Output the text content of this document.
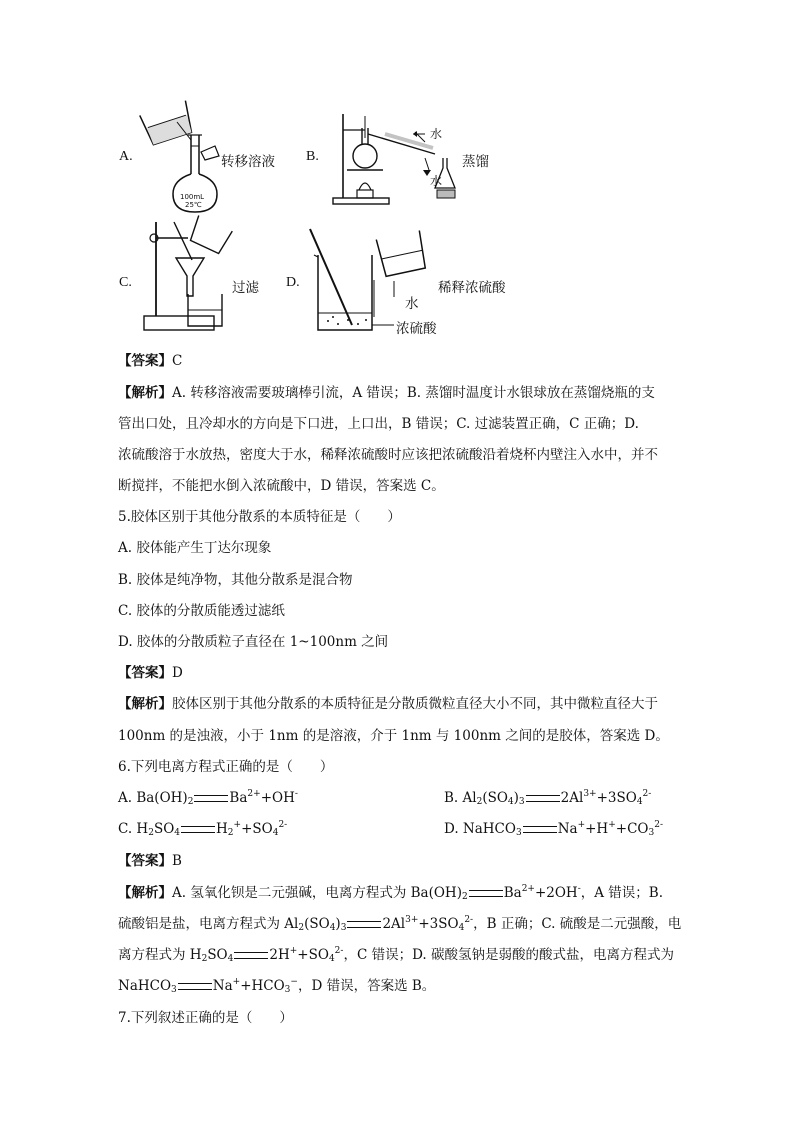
A.
100mL
25℃
转移溶液 B.
水
水
蒸馏
C.	过滤 D.
水
浓硫酸
稀释浓硫酸
【答案】C
【解析】A. 转移溶液需要玻璃棒引流，A 错误；B. 蒸馏时温度计水银球放在蒸馏烧瓶的支
管出口处，且冷却水的方向是下口进，上口出，B 错误；C. 过滤装置正确，C 正确；D.
浓硫酸溶于水放热，密度大于水，稀释浓硫酸时应该把浓硫酸沿着烧杯内壁注入水中，并不
断搅拌，不能把水倒入浓硫酸中，D 错误，答案选 C。
5.胶体区别于其他分散系的本质特征是（　　）
A. 胶体能产生丁达尔现象
B. 胶体是纯净物，其他分散系是混合物
C. 胶体的分散质能透过滤纸
D. 胶体的分散质粒子直径在 1~100nm 之间
【答案】D
【解析】胶体区别于其他分散系的本质特征是分散质微粒直径大小不同，其中微粒直径大于
100nm 的是浊液，小于 1nm 的是溶液，介于 1nm 与 100nm 之间的是胶体，答案选 D。
6.下列电离方程式正确的是（　　）
A. $Ba(OH)_2$	$Ba^{2+}+OH^-$	B. $Al_2(SO_4)_3$	$2Al^{3+}+3SO_4^{2-}$
C. $H_2SO_4$	$H_2^++SO_4^{2-}$	D. NaHCO$_3$	$Na^++H^++CO_3^{2-}$
【答案】B
【解析】A. 氢氧化钡是二元强碱，电离方程式为 $Ba(OH)_2$	$Ba^{2+}+2OH^-$，A 错误；B.
硫酸铝是盐，电离方程式为 $Al_2(SO_4)_3$	$2Al^{3+}+3SO_4^{2-}$，B 正确；C. 硫酸是二元强酸，电
离方程式为 $H_2SO_4$	$2H^++SO_4^{2-}$，C 错误；D. 碳酸氢钠是弱酸的酸式盐，电离方程式为
NaHCO$_3$	$Na^++HCO_3^-$，D 错误，答案选 B。
7.下列叙述正确的是（　　）
